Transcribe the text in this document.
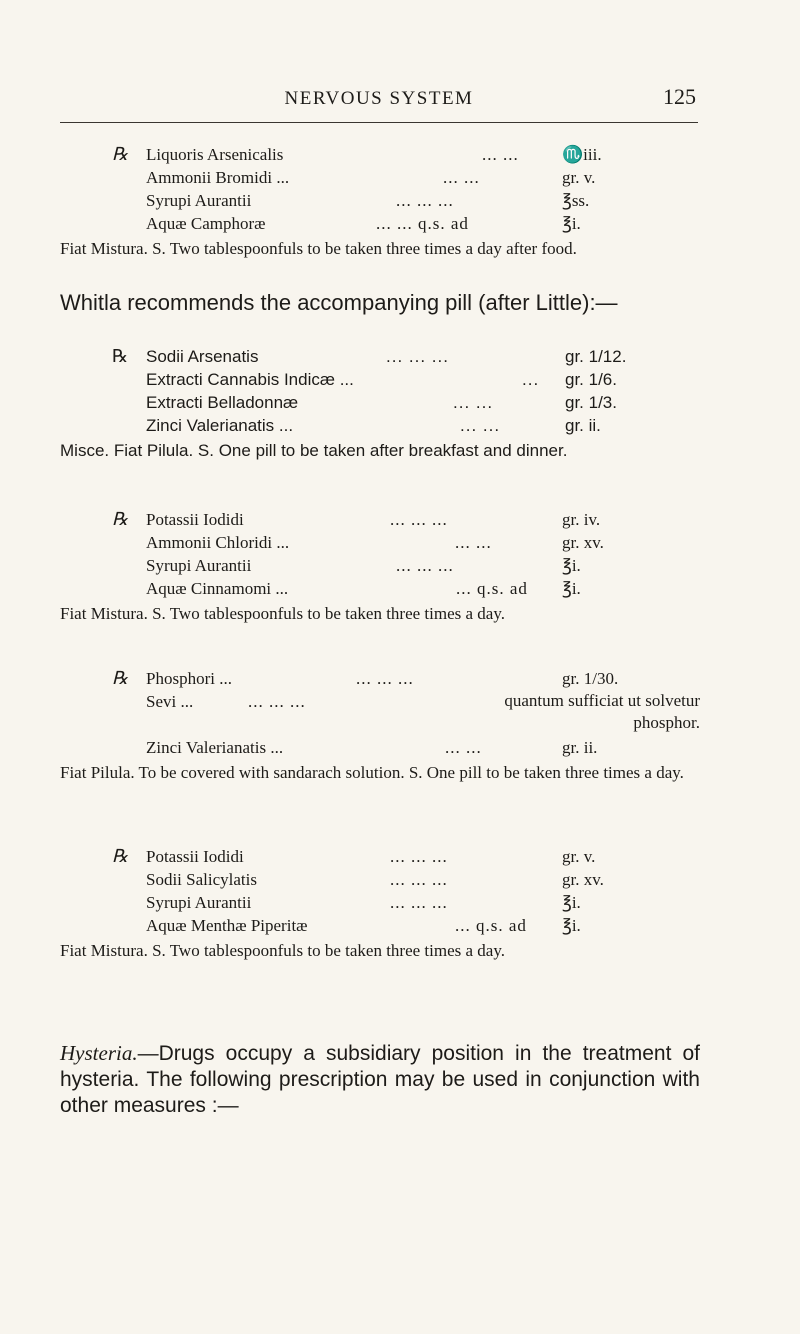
NERVOUS SYSTEM	125
℞ Liquoris Arsenicalis	... ...	♏iii.
Ammonii Bromidi ...	... ...	gr. v.
Syrupi Aurantii	... ... ...	℥ss.
Aquæ Camphoræ	... ... q.s. ad	℥i.
Fiat Mistura. S. Two tablespoonfuls to be taken three times a day after food.
Whitla recommends the accompanying pill (after Little):—
℞ Sodii Arsenatis	... ... ...	gr. 1/12.
Extracti Cannabis Indicæ ...	... gr. 1/6.
Extracti Belladonnæ	... ...	gr. 1/3.
Zinci Valerianatis ...	... ...	gr. ii.
Misce. Fiat Pilula. S. One pill to be taken after breakfast and dinner.
℞ Potassii Iodidi	... ... ...	gr. iv.
Ammonii Chloridi ...	... ...	gr. xv.
Syrupi Aurantii	... ... ...	℥i.
Aquæ Cinnamomi ...	... q.s. ad ℥i.
Fiat Mistura. S. Two tablespoonfuls to be taken three times a day.
℞ Phosphori ...	... ... ...	gr. 1/30.
Sevi ...	... ... ...	quantum sufficiat ut solvetur phosphor.
Zinci Valerianatis ...	... ...	gr. ii.
Fiat Pilula. To be covered with sandarach solution. S. One pill to be taken three times a day.
℞ Potassii Iodidi	... ... ...	gr. v.
Sodii Salicylatis	... ... ...	gr. xv.
Syrupi Aurantii	... ... ...	℥i.
Aquæ Menthæ Piperitæ	... q.s. ad ℥i.
Fiat Mistura. S. Two tablespoonfuls to be taken three times a day.
Hysteria.—Drugs occupy a subsidiary position in the treatment of hysteria. The following prescription may be used in conjunction with other measures :—
